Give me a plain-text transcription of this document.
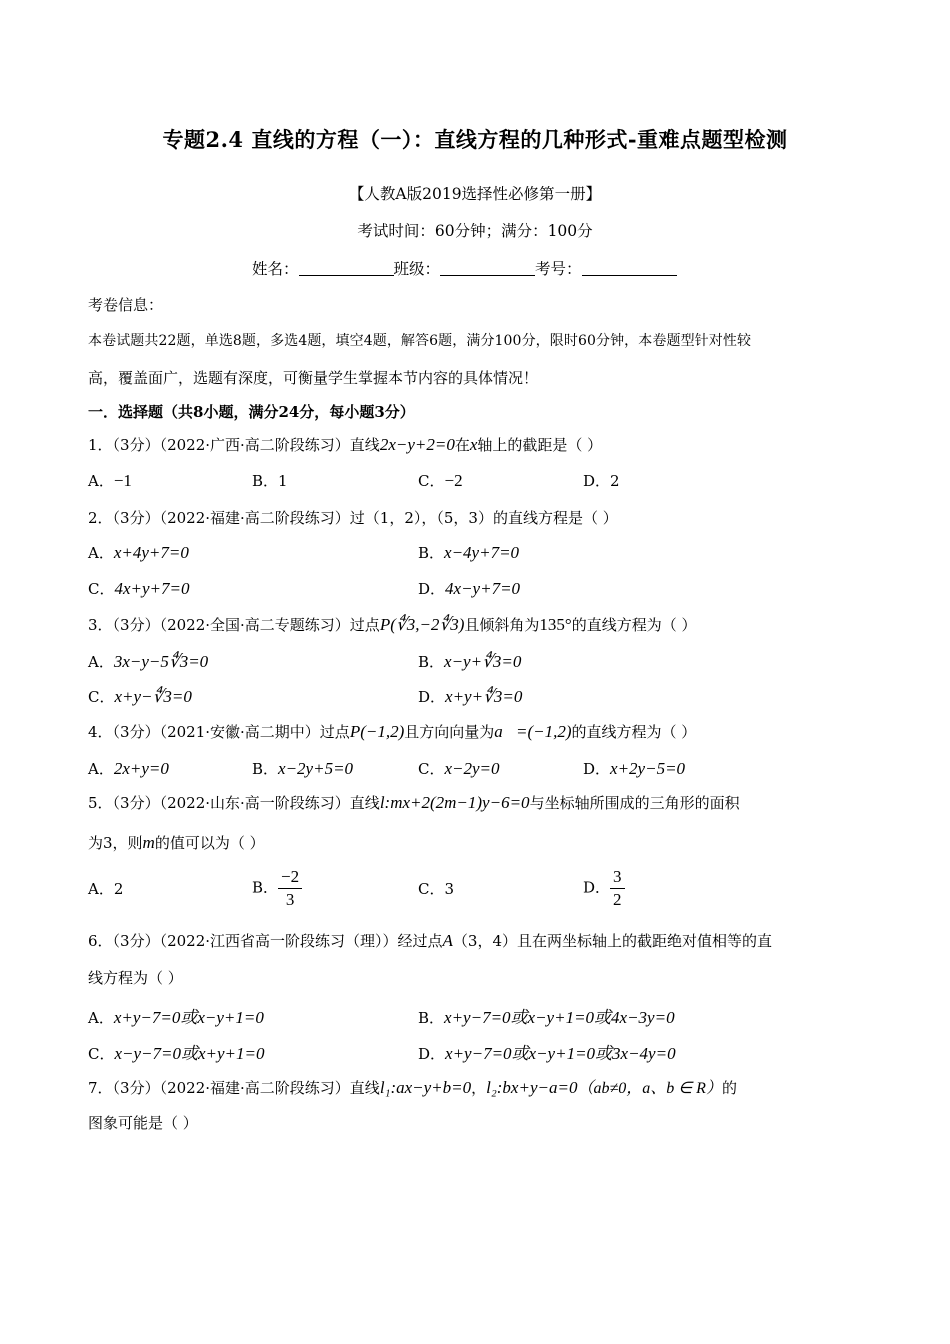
专题2.4 直线的方程（一）：直线方程的几种形式-重难点题型检测
【人教A版2019选择性必修第一册】
考试时间：60分钟；满分：100分
姓名：	班级：	考号：
考卷信息：
本卷试题共22题，单选8题，多选4题，填空4题，解答6题，满分100分，限时60分钟，本卷题型针对性较
高，覆盖面广，选题有深度，可衡量学生掌握本节内容的具体情况！
一．选择题（共8小题，满分24分，每小题3分）
1．（3分）（2022·广西·高二阶段练习）直线2x−y+2=0在x轴上的截距是（ ）
A．−1	B．1	C．−2	D．2
2．（3分）（2022·福建·高二阶段练习）过（1，2），（5，3）的直线方程是（ ）
A．x+4y+7=0	B．x−4y+7=0
C．4x+y+7=0	D．4x−y+7=0
3．（3分）（2022·全国·高二专题练习）过点P(∜3,−2∜3)且倾斜角为135°的直线方程为（ ）
A．3x−y−5∜3=0	B．x−y+∜3=0
C．x+y−∜3=0	D．x+y+∜3=0
4．（3分）（2021·安徽·高二期中）过点P(−1,2)且方向向量为a⃗=(−1,2)的直线方程为（ ）
A．2x+y=0	B．x−2y+5=0	C．x−2y=0	D．x+2y−5=0
5．（3分）（2022·山东·高一阶段练习）直线l:mx+2(2m−1)y−6=0与坐标轴所围成的三角形的面积
为3，则m的值可以为（ ）
A．2	B． $\frac{-2}{3}$	C．3	D． $\frac{3}{2}$
6．（3分）（2022·江西省高一阶段练习（理））经过点A（3，4）且在两坐标轴上的截距绝对值相等的直
线方程为（ ）
A．x+y−7=0或x−y+1=0	B．x+y−7=0或x−y+1=0或4x−3y=0
C．x−y−7=0或x+y+1=0	D．x+y−7=0或x−y+1=0或3x−4y=0
7．（3分）（2022·福建·高二阶段练习）直线l₁:ax−y+b=0，l₂:bx+y−a=0（ab≠0，a、b ∈ R）的
图象可能是（ ）
